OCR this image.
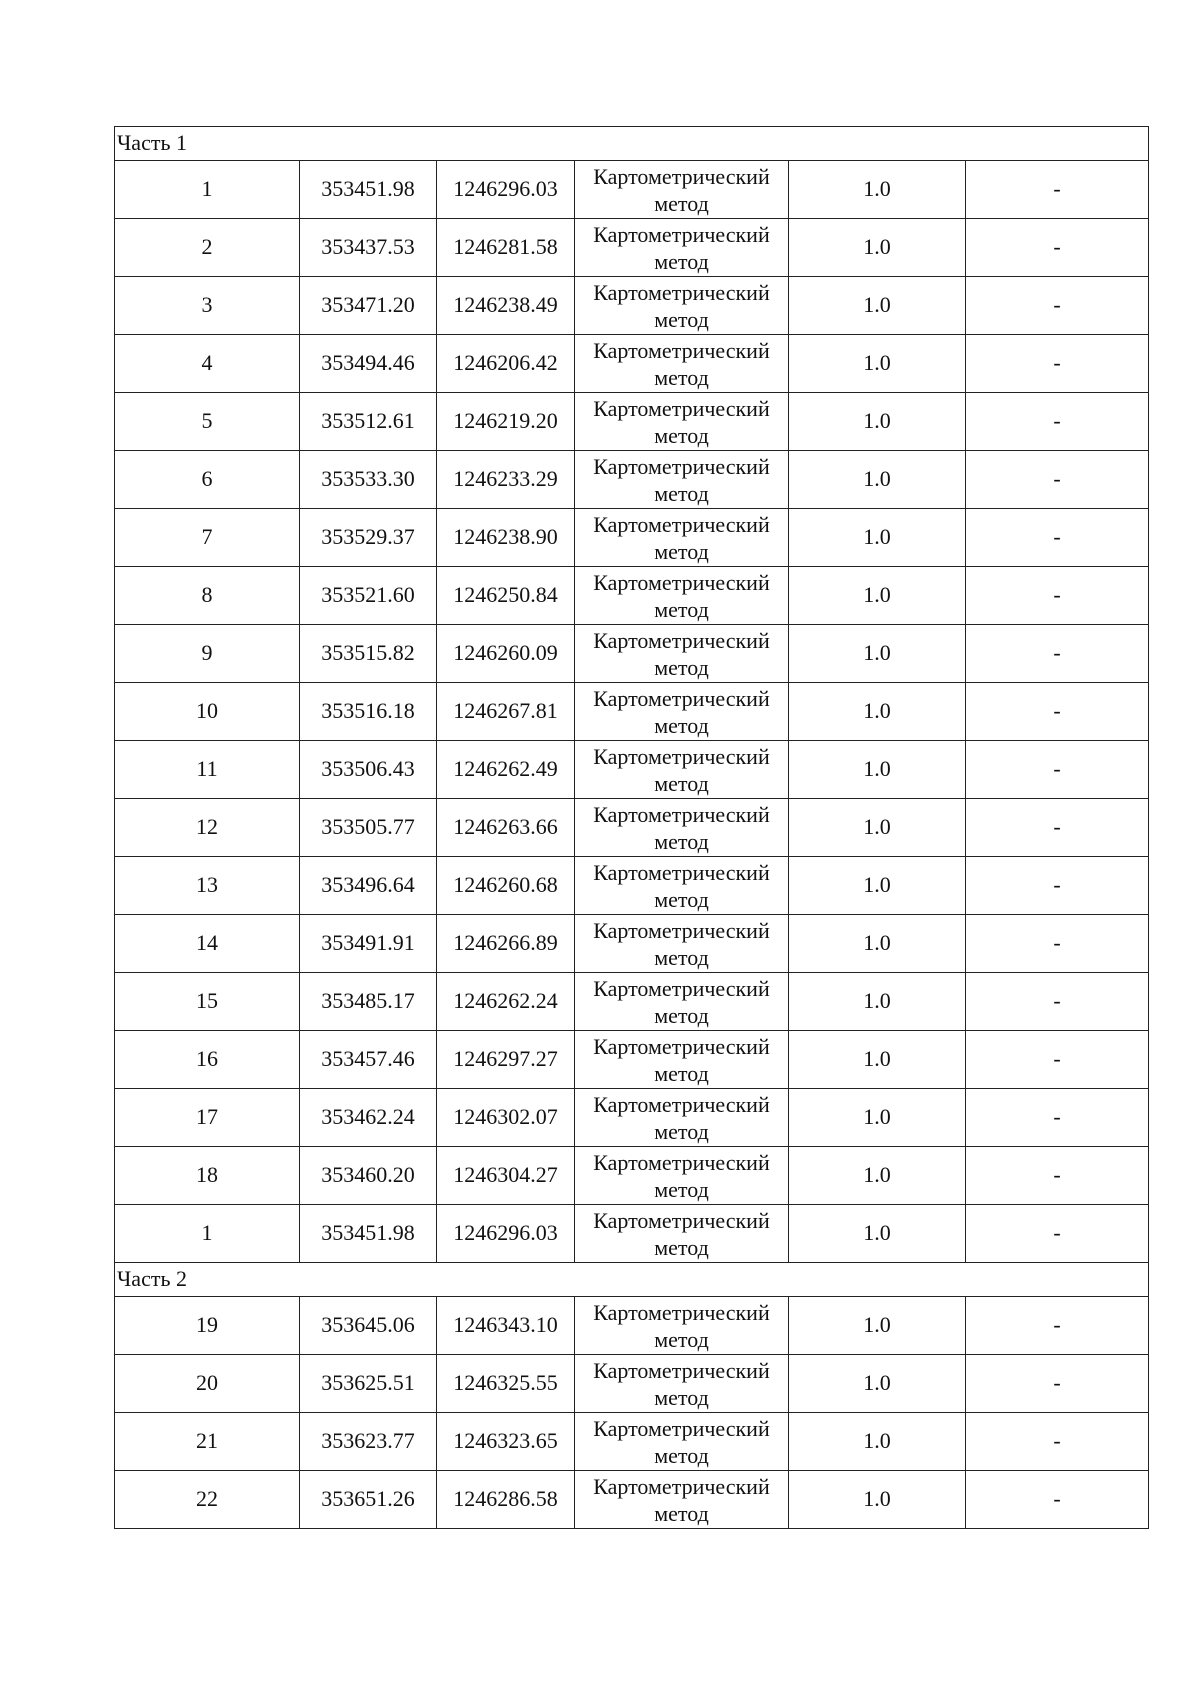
Часть 1					
1	353451.98	1246296.03	Картометрический метод	1.0	-
2	353437.53	1246281.58	Картометрический метод	1.0	-
3	353471.20	1246238.49	Картометрический метод	1.0	-
4	353494.46	1246206.42	Картометрический метод	1.0	-
5	353512.61	1246219.20	Картометрический метод	1.0	-
6	353533.30	1246233.29	Картометрический метод	1.0	-
7	353529.37	1246238.90	Картометрический метод	1.0	-
8	353521.60	1246250.84	Картометрический метод	1.0	-
9	353515.82	1246260.09	Картометрический метод	1.0	-
10	353516.18	1246267.81	Картометрический метод	1.0	-
11	353506.43	1246262.49	Картометрический метод	1.0	-
12	353505.77	1246263.66	Картометрический метод	1.0	-
13	353496.64	1246260.68	Картометрический метод	1.0	-
14	353491.91	1246266.89	Картометрический метод	1.0	-
15	353485.17	1246262.24	Картометрический метод	1.0	-
16	353457.46	1246297.27	Картометрический метод	1.0	-
17	353462.24	1246302.07	Картометрический метод	1.0	-
18	353460.20	1246304.27	Картометрический метод	1.0	-
1	353451.98	1246296.03	Картометрический метод	1.0	-
Часть 2					
19	353645.06	1246343.10	Картометрический метод	1.0	-
20	353625.51	1246325.55	Картометрический метод	1.0	-
21	353623.77	1246323.65	Картометрический метод	1.0	-
22	353651.26	1246286.58	Картометрический метод	1.0	-
